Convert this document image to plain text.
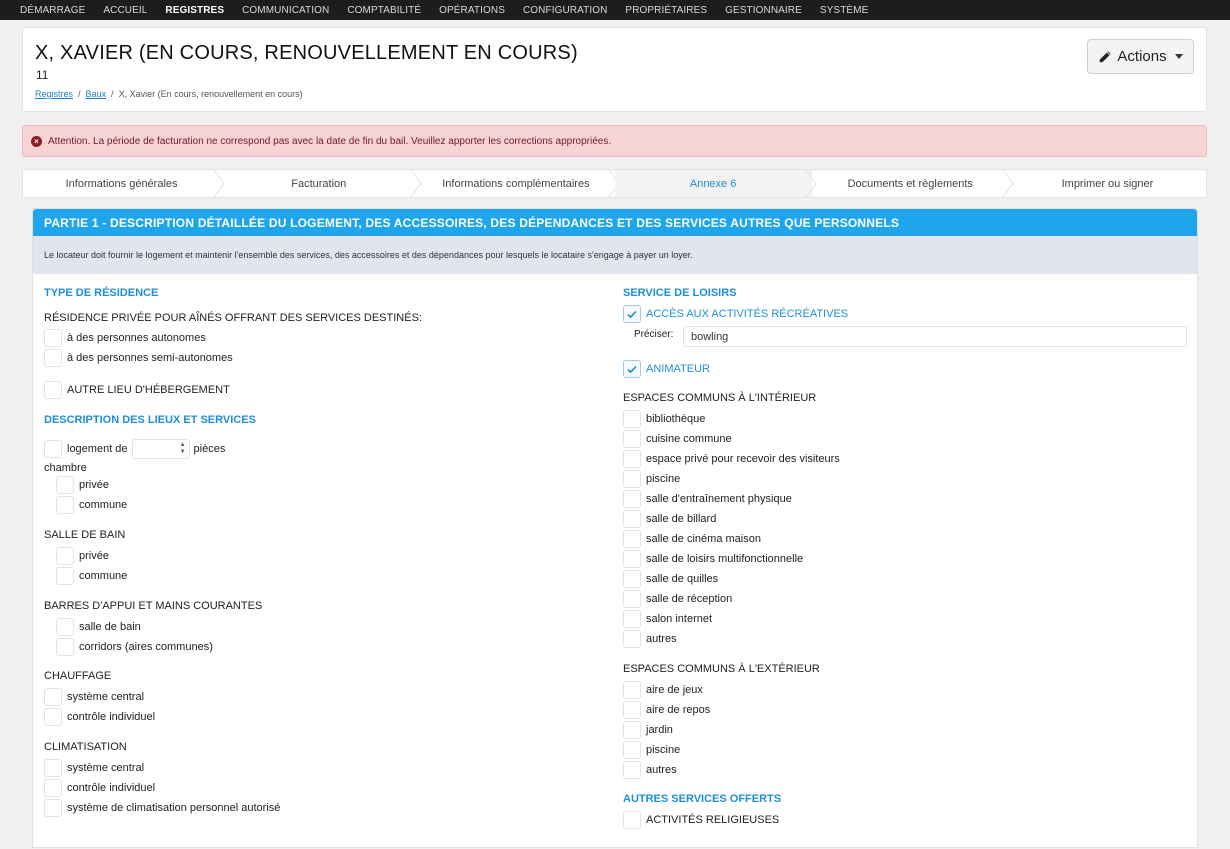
DÉMARRAGE ACCUEIL REGISTRES COMMUNICATION COMPTABILITÉ OPÉRATIONS CONFIGURATION PROPRIÉTAIRES GESTIONNAIRE SYSTÈME
X, XAVIER (EN COURS, RENOUVELLEMENT EN COURS)
11
Registres / Baux / X, Xavier (En cours, renouvellement en cours)
Actions
× Attention. La période de facturation ne correspond pas avec la date de fin du bail. Veuillez apporter les corrections appropriées.
Informations générales	Facturation	Informations complémentaires	Annexe 6	Documents et règlements	Imprimer ou signer
PARTIE 1 - DESCRIPTION DÉTAILLÉE DU LOGEMENT, DES ACCESSOIRES, DES DÉPENDANCES ET DES SERVICES AUTRES QUE PERSONNELS
Le locateur doit fournir le logement et maintenir l'ensemble des services, des accessoires et des dépendances pour lesquels le locataire s'engage à payer un loyer.
TYPE DE RÉSIDENCE
RÉSIDENCE PRIVÉE POUR AÎNÉS OFFRANT DES SERVICES DESTINÉS:
à des personnes autonomes
à des personnes semi-autonomes
AUTRE LIEU D'HÉBERGEMENT
DESCRIPTION DES LIEUX ET SERVICES
logement de	▲
▼ pièces
chambre
privée
commune
SALLE DE BAIN
privée
commune
BARRES D'APPUI ET MAINS COURANTES
salle de bain
corridors (aires communes)
CHAUFFAGE
système central
contrôle individuel
CLIMATISATION
système central
contrôle individuel
système de climatisation personnel autorisé
SERVICE DE LOISIRS
ACCÈS AUX ACTIVITÉS RÉCRÉATIVES
Préciser:	bowling
ANIMATEUR
ESPACES COMMUNS À L'INTÉRIEUR
bibliothèque
cuisine commune
espace privé pour recevoir des visiteurs
piscine
salle d'entraînement physique
salle de billard
salle de cinéma maison
salle de loisirs multifonctionnelle
salle de quilles
salle de réception
salon internet
autres
ESPACES COMMUNS À L'EXTÉRIEUR
aire de jeux
aire de repos
jardin
piscine
autres
AUTRES SERVICES OFFERTS
ACTIVITÉS RELIGIEUSES
